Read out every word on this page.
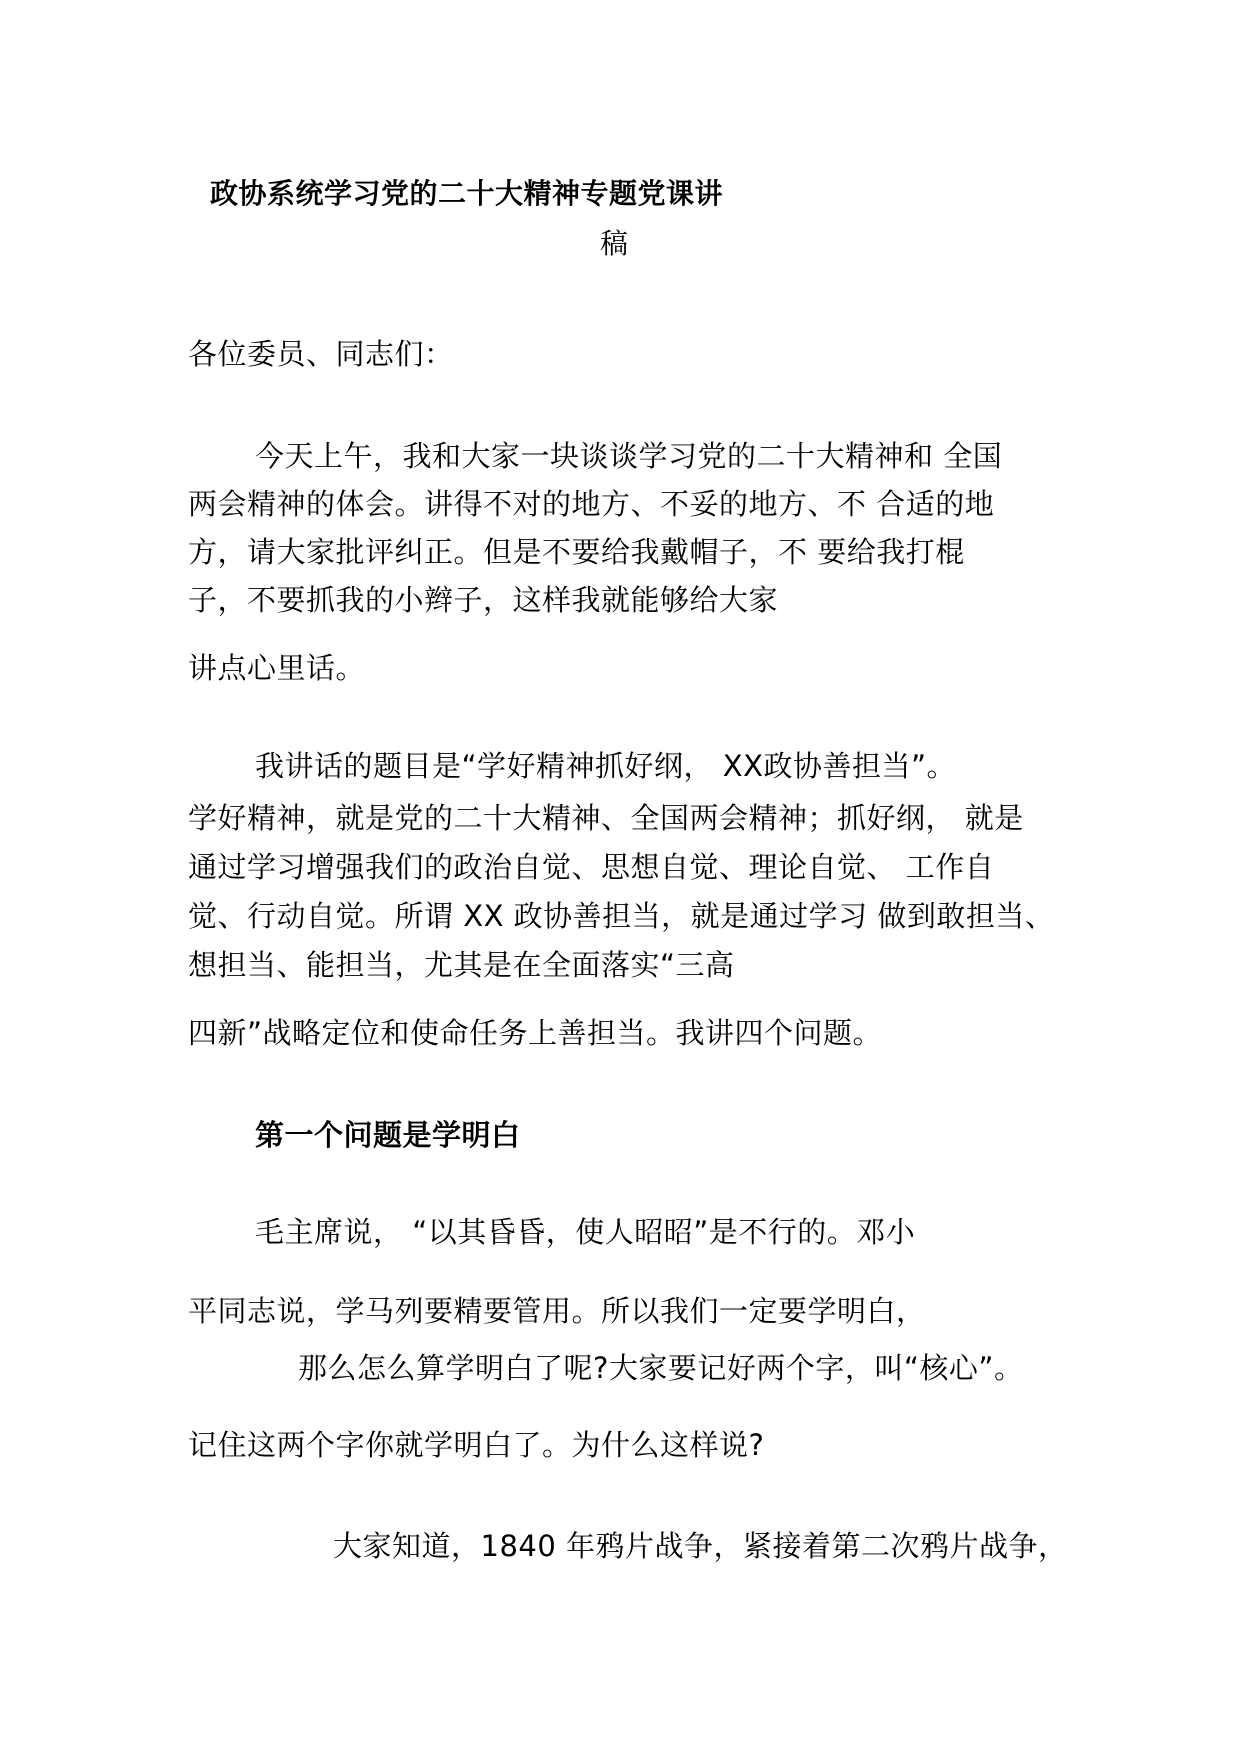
政协系统学习党的二十大精神专题党课讲
稿
各位委员、同志们：
今天上午，我和大家一块谈谈学习党的二十大精神和 全国
两会精神的体会。讲得不对的地方、不妥的地方、不 合适的地
方，请大家批评纠正。但是不要给我戴帽子，不 要给我打棍
子，不要抓我的小辫子，这样我就能够给大家
讲点心里话。
我讲话的题目是“学好精神抓好纲， XX政协善担当”。
学好精神，就是党的二十大精神、全国两会精神；抓好纲， 就是
通过学习增强我们的政治自觉、思想自觉、理论自觉、 工作自
觉、行动自觉。所谓 XX 政协善担当，就是通过学习 做到敢担当、
想担当、能担当，尤其是在全面落实“三高
四新”战略定位和使命任务上善担当。我讲四个问题。
第一个问题是学明白
毛主席说， “以其昏昏，使人昭昭”是不行的。邓小
平同志说，学马列要精要管用。所以我们一定要学明白，
那么怎么算学明白了呢?大家要记好两个字，叫“核心”。
记住这两个字你就学明白了。为什么这样说?
大家知道，1840 年鸦片战争，紧接着第二次鸦片战争，
